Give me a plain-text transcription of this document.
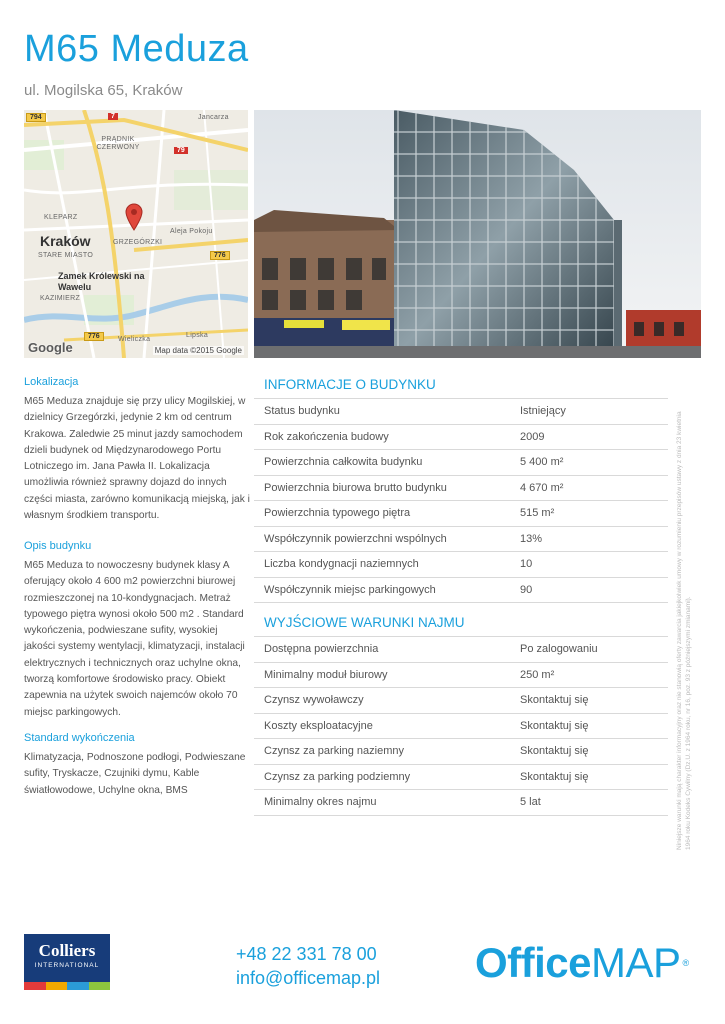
M65 Meduza
ul. Mogilska 65, Kraków
794	7
79
776
776
PRĄDNIK CZERWONY
KLEPARZ
GRZEGÓRZKI
STARE MIASTO
KAZIMIERZ
Lipska
Jancarza
Aleja Pokoju
Wieliczka
Kraków
Zamek Królewski na Wawelu
Google	Map data ©2015 Google
Lokalizacja
M65 Meduza znajduje się przy ulicy Mogilskiej, w dzielnicy Grzegórzki, jedynie 2 km od centrum Krakowa. Zaledwie 25 minut jazdy samochodem dzieli budynek od Międzynarodowego Portu Lotniczego im. Jana Pawła II. Lokalizacja umożliwia również sprawny dojazd do innych części miasta, zarówno komunikacją miejską, jak i własnym środkiem transportu.
Opis budynku
M65 Meduza to nowoczesny budynek klasy A oferujący około 4 600 m2 powierzchni biurowej rozmieszczonej na 10-kondygnacjach. Metraż typowego piętra wynosi około 500 m2 . Standard wykończenia, podwieszane sufity, wysokiej jakości systemy wentylacji, klimatyzacji, instalacji elektrycznych i technicznych oraz uchylne okna, tworzą komfortowe środowisko pracy. Obiekt zapewnia na użytek swoich najemców około 70 miejsc parkingowych.
Standard wykończenia
Klimatyzacja, Podnoszone podłogi, Podwieszane sufity, Tryskacze, Czujniki dymu, Kable światłowodowe, Uchylne okna, BMS
INFORMACJE O BUDYNKU
Status budynku	Istniejący
Rok zakończenia budowy	2009
Powierzchnia całkowita budynku	5 400 m²
Powierzchnia biurowa brutto budynku	4 670 m²
Powierzchnia typowego piętra	515 m²
Współczynnik powierzchni wspólnych	13%
Liczba kondygnacji naziemnych	10
Współczynnik miejsc parkingowych	90
WYJŚCIOWE WARUNKI NAJMU
Dostępna powierzchnia	Po zalogowaniu
Minimalny moduł biurowy	250 m²
Czynsz wywoławczy	Skontaktuj się
Koszty eksploatacyjne	Skontaktuj się
Czynsz za parking naziemny	Skontaktuj się
Czynsz za parking podziemny	Skontaktuj się
Minimalny okres najmu	5 lat	Niniejsze warunki mają charakter informacyjny oraz nie stanowią oferty zawarcia jakiejkolwiek umowy w rozumieniu przepisów ustawy z dnia 23 kwietnia 1964 roku Kodeks Cywilny (Dz.U. z 1964 roku, nr 16, poz. 93 z późniejszymi zmianami).
Colliers
INTERNATIONAL
+48 22 331 78 00
info@officemap.pl OfficeMAP ®
